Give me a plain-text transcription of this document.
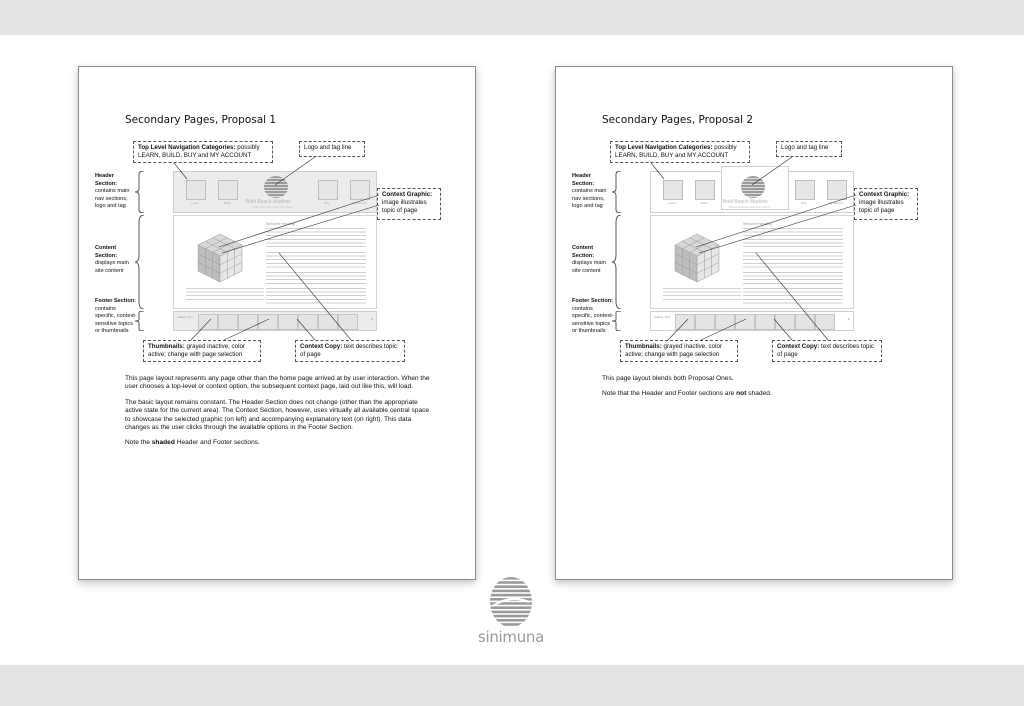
Secondary Pages, Proposal 1
Top Level Navigation Categories: possibly LEARN, BUILD, BUY and MY ACCOUNT
Logo and tag line
Context Graphic: image illustrates topic of page
Thumbnails: grayed inactive, color active; change with page selection
Context Copy: text describes topic of page
Header Section:
contains main nav sections, logo and tag
Content Section:
displays main site content
Footer Section:
contains specific, context-sensitive topics or thumbnails
Learn	Build	Bold Beach Markets
Where the beach meets the market
Buy	My Account
Welcome Heading
Gallery Text	▸

This page layout represents any page other than the home page arrived at by user interaction. When the user chooses a top-level or context option, the subsequent context page, laid out like this, will load.

The basic layout remains constant. The Header Section does not change (other than the appropriate active state for the current area). The Context Section, however, uses virtually all available central space to showcase the selected graphic (on left) and accompanying explanatory text (on right). This data changes as the user clicks through the available options in the Footer Section.

Note the shaded Header and Footer sections.

Secondary Pages, Proposal 2
Top Level Navigation Categories: possibly LEARN, BUILD, BUY and MY ACCOUNT
Logo and tag line
Context Graphic: image illustrates topic of page
Thumbnails: grayed inactive, color active; change with page selection
Context Copy: text describes topic of page
Header Section:
contains main nav sections, logo and tag
Content Section:
displays main site content
Footer Section:
contains specific, context-sensitive topics or thumbnails
Learn	Build	Bold Beach Markets
Where the beach meets the market
Buy	My Account
Welcome Heading
Gallery Text	▸

This page layout blends both Proposal Ones.

Note that the Header and Footer sections are not shaded.

sinimuna
